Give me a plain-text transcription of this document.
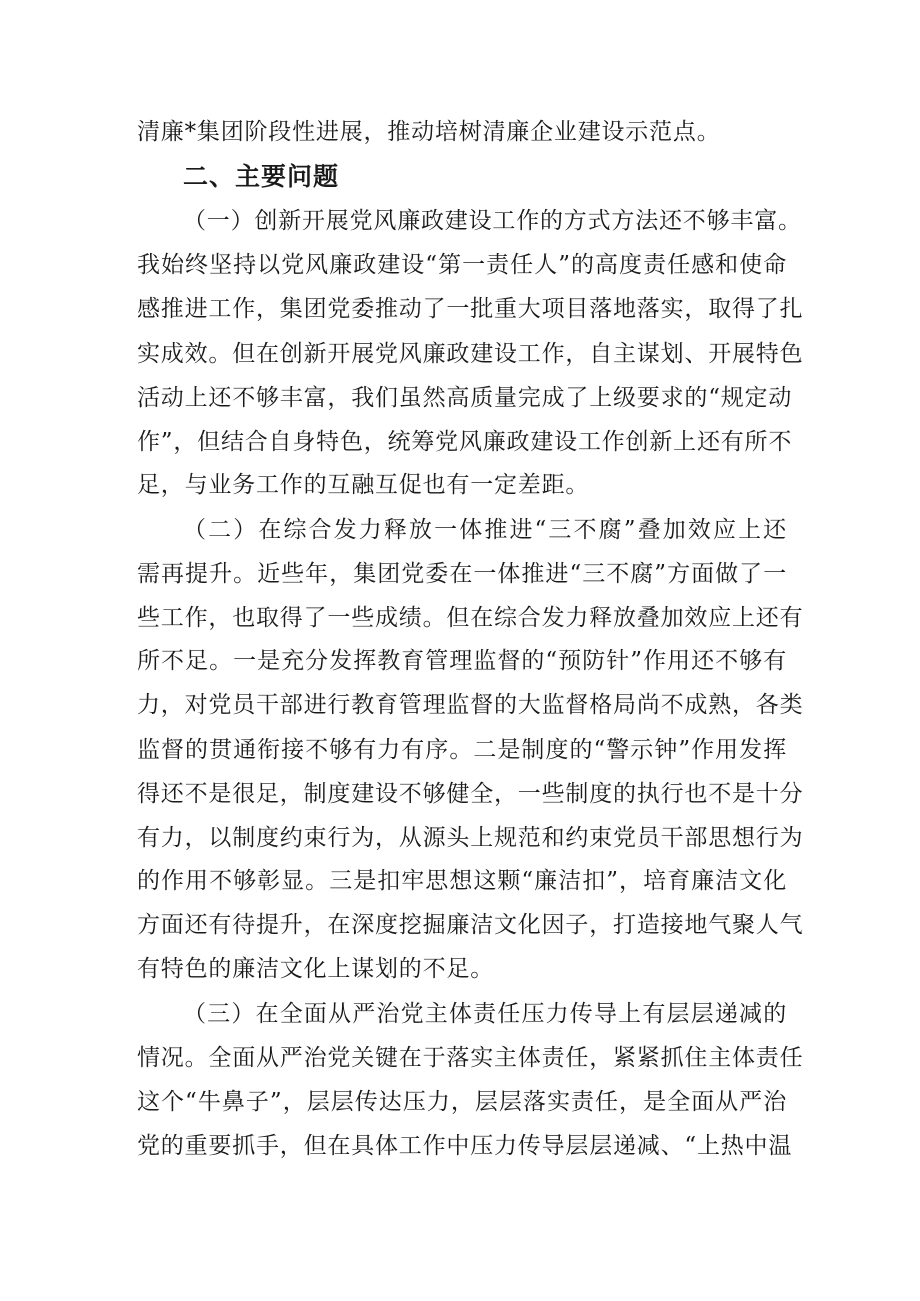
清廉*集团阶段性进展，推动培树清廉企业建设示范点。
二、主要问题
（一）创新开展党风廉政建设工作的方式方法还不够丰富。
我始终坚持以党风廉政建设“第一责任人”的高度责任感和使命
感推进工作，集团党委推动了一批重大项目落地落实，取得了扎
实成效。但在创新开展党风廉政建设工作，自主谋划、开展特色
活动上还不够丰富，我们虽然高质量完成了上级要求的“规定动
作”，但结合自身特色，统筹党风廉政建设工作创新上还有所不
足，与业务工作的互融互促也有一定差距。
（二）在综合发力释放一体推进“三不腐”叠加效应上还
需再提升。近些年，集团党委在一体推进“三不腐”方面做了一
些工作，也取得了一些成绩。但在综合发力释放叠加效应上还有
所不足。一是充分发挥教育管理监督的“预防针”作用还不够有
力，对党员干部进行教育管理监督的大监督格局尚不成熟，各类
监督的贯通衔接不够有力有序。二是制度的“警示钟”作用发挥
得还不是很足，制度建设不够健全，一些制度的执行也不是十分
有力，以制度约束行为，从源头上规范和约束党员干部思想行为
的作用不够彰显。三是扣牢思想这颗“廉洁扣”，培育廉洁文化
方面还有待提升，在深度挖掘廉洁文化因子，打造接地气聚人气
有特色的廉洁文化上谋划的不足。
（三）在全面从严治党主体责任压力传导上有层层递减的
情况。全面从严治党关键在于落实主体责任，紧紧抓住主体责任
这个“牛鼻子”，层层传达压力，层层落实责任，是全面从严治
党的重要抓手，但在具体工作中压力传导层层递减、“上热中温
